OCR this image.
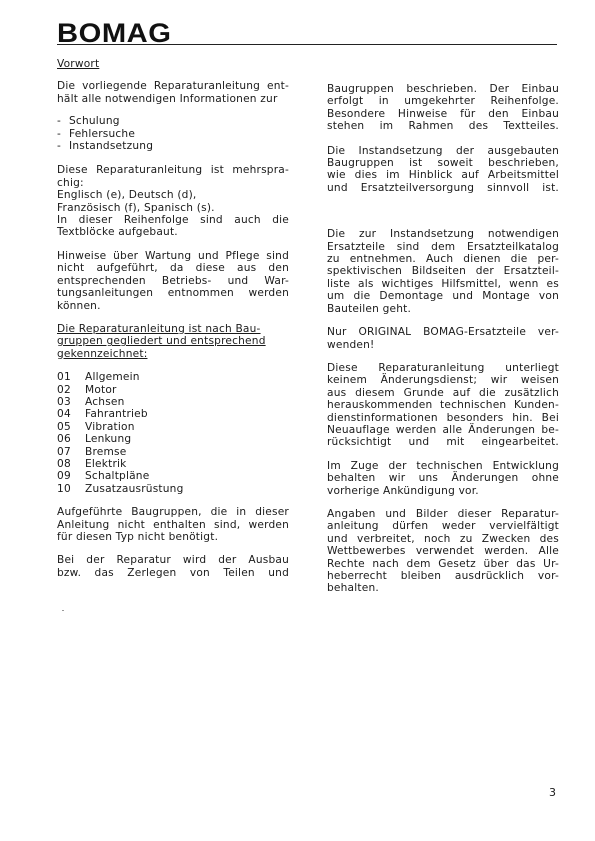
BOMAG

Vorwort

Die vorliegende Reparaturanleitung ent-

hält alle notwendigen Informationen zur

- Schulung
- Fehlersuche
- Instandsetzung

Diese Reparaturanleitung ist mehrspra-

chig:

Englisch (e), Deutsch (d),

Französisch (f), Spanisch (s).

In dieser Reihenfolge sind auch die

Textblöcke aufgebaut.

Hinweise über Wartung und Pflege sind

nicht aufgeführt, da diese aus den

entsprechenden Betriebs- und War-

tungsanleitungen entnommen werden

können.

Die Reparaturanleitung ist nach Bau-

gruppen gegliedert und entsprechend

gekennzeichnet:

01	Allgemein
02	Motor
03	Achsen
04	Fahrantrieb
05	Vibration
06	Lenkung
07	Bremse
08	Elektrik
09	Schaltpläne
10	Zusatzausrüstung

Aufgeführte Baugruppen, die in dieser

Anleitung nicht enthalten sind, werden

für diesen Typ nicht benötigt.

Bei der Reparatur wird der Ausbau

bzw. das Zerlegen von Teilen und

Baugruppen beschrieben. Der Einbau

erfolgt in umgekehrter Reihenfolge.

Besondere Hinweise für den Einbau

stehen im Rahmen des Textteiles.

Die Instandsetzung der ausgebauten

Baugruppen ist soweit beschrieben,

wie dies im Hinblick auf Arbeitsmittel

und Ersatzteilversorgung sinnvoll ist.

Die zur Instandsetzung notwendigen

Ersatzteile sind dem Ersatzteilkatalog

zu entnehmen. Auch dienen die per-

spektivischen Bildseiten der Ersatzteil-

liste als wichtiges Hilfsmittel, wenn es

um die Demontage und Montage von

Bauteilen geht.

Nur ORIGINAL BOMAG-Ersatzteile ver-

wenden!

Diese Reparaturanleitung unterliegt

keinem Änderungsdienst; wir weisen

aus diesem Grunde auf die zusätzlich

herauskommenden technischen Kunden-

dienstinformationen besonders hin. Bei

Neuauflage werden alle Änderungen be-

rücksichtigt und mit eingearbeitet.

Im Zuge der technischen Entwicklung

behalten wir uns Änderungen ohne

vorherige Ankündigung vor.

Angaben und Bilder dieser Reparatur-

anleitung dürfen weder vervielfältigt

und verbreitet, noch zu Zwecken des

Wettbewerbes verwendet werden. Alle

Rechte nach dem Gesetz über das Ur-

heberrecht bleiben ausdrücklich vor-

behalten.

3
